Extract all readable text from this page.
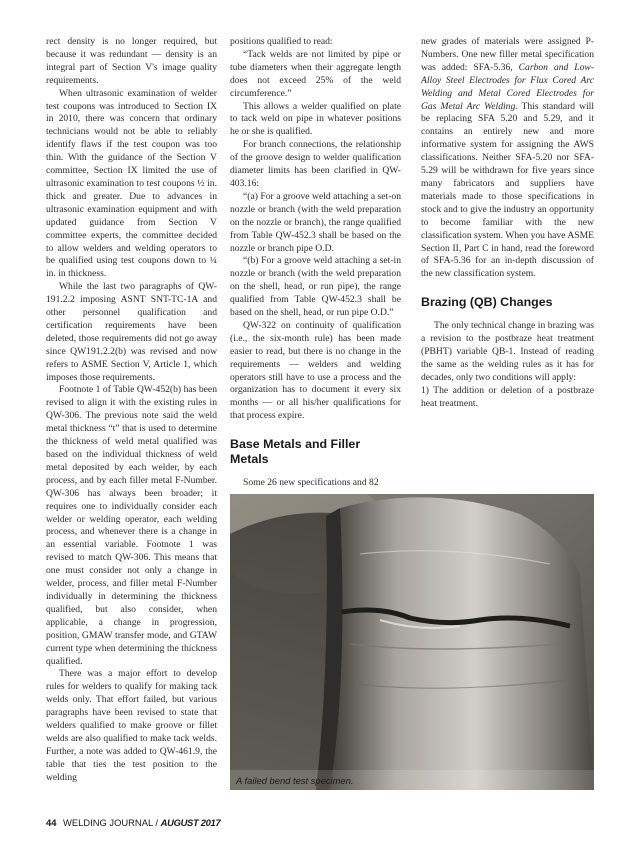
rect density is no longer required, but because it was redundant — density is an integral part of Section V's image quality requirements.

When ultrasonic examination of welder test coupons was introduced to Section IX in 2010, there was concern that ordinary technicians would not be able to reliably identify flaws if the test coupon was too thin. With the guidance of the Section V committee, Section IX limited the use of ultrasonic examination to test coupons ½ in. thick and greater. Due to advances in ultrasonic examination equipment and with updated guidance from Section V committee experts, the committee decided to allow welders and welding operators to be qualified using test coupons down to ¼ in. in thickness.

While the last two paragraphs of QW-191.2.2 imposing ASNT SNT-TC-1A and other personnel qualification and certification requirements have been deleted, those requirements did not go away since QW191.2.2(b) was revised and now refers to ASME Section V, Article 1, which imposes those requirements.

Footnote 1 of Table QW-452(b) has been revised to align it with the existing rules in QW-306. The previous note said the weld metal thickness “t” that is used to determine the thickness of weld metal qualified was based on the individual thickness of weld metal deposited by each welder, by each process, and by each filler metal F-Number. QW-306 has always been broader; it requires one to individually consider each welder or welding operator, each welding process, and whenever there is a change in an essential variable. Footnote 1 was revised to match QW-306. This means that one must consider not only a change in welder, process, and filler metal F-Number individually in determining the thickness qualified, but also consider, when applicable, a change in progression, position, GMAW transfer mode, and GTAW current type when determining the thickness qualified.

There was a major effort to develop rules for welders to qualify for making tack welds only. That effort failed, but various paragraphs have been revised to state that welders qualified to make groove or fillet welds are also qualified to make tack welds. Further, a note was added to QW-461.9, the table that ties the test position to the welding

positions qualified to read:

“Tack welds are not limited by pipe or tube diameters when their aggregate length does not exceed 25% of the weld circumference.”

This allows a welder qualified on plate to tack weld on pipe in whatever positions he or she is qualified.

For branch connections, the relationship of the groove design to welder qualification diameter limits has been clarified in QW-403.16:

“(a) For a groove weld attaching a set-on nozzle or branch (with the weld preparation on the nozzle or branch), the range qualified from Table QW-452.3 shall be based on the nozzle or branch pipe O.D.

“(b) For a groove weld attaching a set-in nozzle or branch (with the weld preparation on the shell, head, or run pipe), the range qualified from Table QW-452.3 shall be based on the shell, head, or run pipe O.D.”

QW-322 on continuity of qualification (i.e., the six-month rule) has been made easier to read, but there is no change in the requirements — welders and welding operators still have to use a process and the organization has to document it every six months — or all his/her qualifications for that process expire.

Base Metals and Filler Metals

Some 26 new specifications and 82

new grades of materials were assigned P-Numbers. One new filler metal specification was added: SFA-5.36, Carbon and Low-Alloy Steel Electrodes for Flux Cored Arc Welding and Metal Cored Electrodes for Gas Metal Arc Welding. This standard will be replacing SFA 5.20 and 5.29, and it contains an entirely new and more informative system for assigning the AWS classifications. Neither SFA-5.20 nor SFA-5.29 will be withdrawn for five years since many fabricators and suppliers have materials made to those specifications in stock and to give the industry an opportunity to become familiar with the new classification system. When you have ASME Section II, Part C in hand, read the foreword of SFA-5.36 for an in-depth discussion of the new classification system.

Brazing (QB) Changes

The only technical change in brazing was a revision to the postbraze heat treatment (PBHT) variable QB-1. Instead of reading the same as the welding rules as it has for decades, only two conditions will apply:

1) The addition or deletion of a postbraze heat treatment.

A failed bend test specimen.
44 WELDING JOURNAL / AUGUST 2017
